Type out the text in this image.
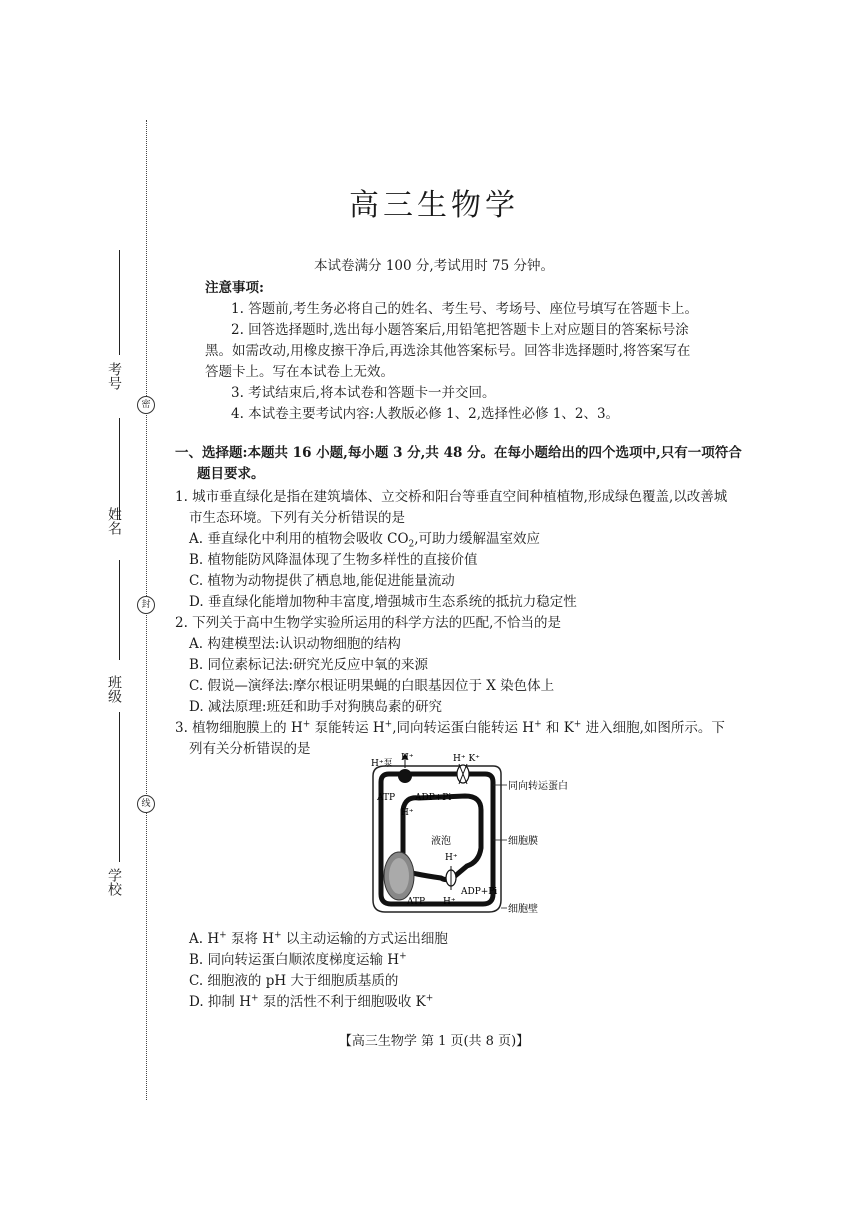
考号
密
姓名
封
班级
线
学校
高三生物学
本试卷满分 100 分,考试用时 75 分钟。
注意事项:
1. 答题前,考生务必将自己的姓名、考生号、考场号、座位号填写在答题卡上。
2. 回答选择题时,选出每小题答案后,用铅笔把答题卡上对应题目的答案标号涂
黑。如需改动,用橡皮擦干净后,再选涂其他答案标号。回答非选择题时,将答案写在
答题卡上。写在本试卷上无效。
3. 考试结束后,将本试卷和答题卡一并交回。
4. 本试卷主要考试内容:人教版必修 1、2,选择性必修 1、2、3。
一、选择题:本题共 16 小题,每小题 3 分,共 48 分。在每小题给出的四个选项中,只有一项符合
题目要求。
1. 城市垂直绿化是指在建筑墙体、立交桥和阳台等垂直空间种植植物,形成绿色覆盖,以改善城
市生态环境。下列有关分析错误的是
A. 垂直绿化中利用的植物会吸收 $CO_2$,可助力缓解温室效应
B. 植物能防风降温体现了生物多样性的直接价值
C. 植物为动物提供了栖息地,能促进能量流动
D. 垂直绿化能增加物种丰富度,增强城市生态系统的抵抗力稳定性
2. 下列关于高中生物学实验所运用的科学方法的匹配,不恰当的是
A. 构建模型法:认识动物细胞的结构
B. 同位素标记法:研究光反应中氧的来源
C. 假说—演绎法:摩尔根证明果蝇的白眼基因位于 X 染色体上
D. 减法原理:班廷和助手对狗胰岛素的研究
3. 植物细胞膜上的 H+ 泵能转运 H+,同向转运蛋白能转运 H+ 和 K+ 进入细胞,如图所示。下
列有关分析错误的是
H⁺泵
H⁺	H⁺ K⁺
ATP ADP+Pi
H⁺
液泡
H⁺
ADP+Pi
ATP H⁺
同向转运蛋白
细胞膜
细胞壁
A. H+ 泵将 H+ 以主动运输的方式运出细胞
B. 同向转运蛋白顺浓度梯度运输 H+
C. 细胞液的 pH 大于细胞质基质的
D. 抑制 H+ 泵的活性不利于细胞吸收 K+
【高三生物学 第 1 页(共 8 页)】
